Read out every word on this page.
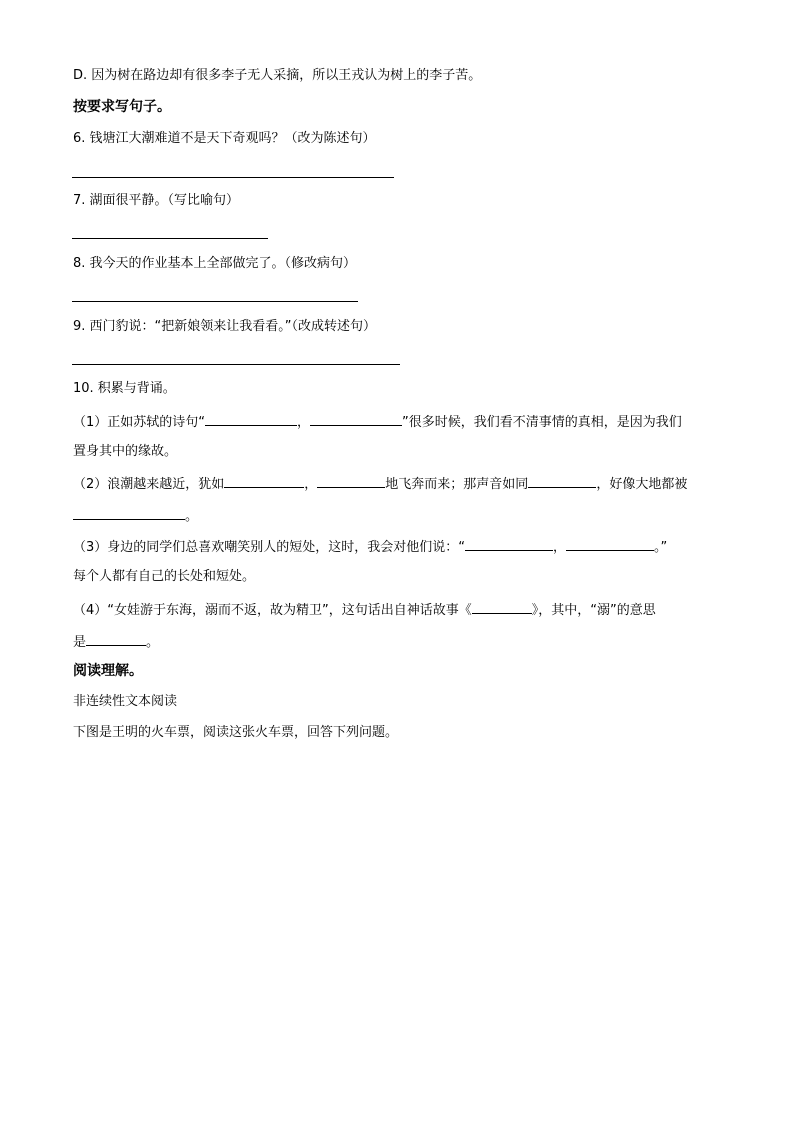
D. 因为树在路边却有很多李子无人采摘，所以王戎认为树上的李子苦。
按要求写句子。
6. 钱塘江大潮难道不是天下奇观吗？（改为陈述句）
7. 湖面很平静。（写比喻句）
8. 我今天的作业基本上全部做完了。（修改病句）
9. 西门豹说：“把新娘领来让我看看。”（改成转述句）
10. 积累与背诵。
（1）正如苏轼的诗句“	，	”很多时候，我们看不清事情的真相，是因为我们
置身其中的缘故。
（2）浪潮越来越近，犹如	，	地飞奔而来；那声音如同	，好像大地都被
。
（3）身边的同学们总喜欢嘲笑别人的短处，这时，我会对他们说：“	，	。”
每个人都有自己的长处和短处。
（4）“女娃游于东海，溺而不返，故为精卫”，这句话出自神话故事《	》，其中，“溺”的意思
是	。
阅读理解。
非连续性文本阅读
下图是王明的火车票，阅读这张火车票，回答下列问题。
